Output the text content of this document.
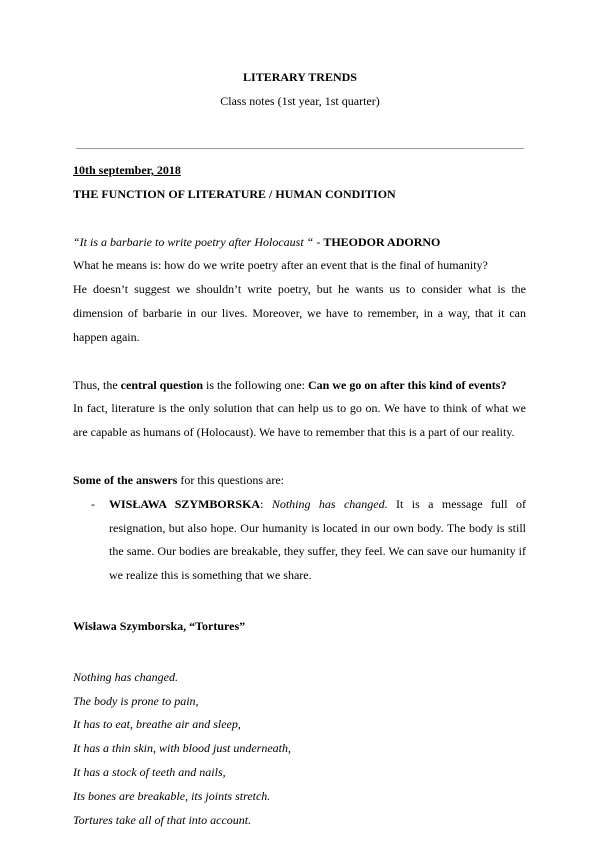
LITERARY TRENDS
Class notes (1st year, 1st quarter)

10th september, 2018

THE FUNCTION OF LITERATURE / HUMAN CONDITION

“It is a barbarie to write poetry after Holocaust “ - THEODOR ADORNO

What he means is: how do we write poetry after an event that is the final of humanity?

He doesn’t suggest we shouldn’t write poetry, but he wants us to consider what is the dimension of barbarie in our lives. Moreover, we have to remember, in a way, that it can happen again.

Thus, the central question is the following one: Can we go on after this kind of events?

In fact, literature is the only solution that can help us to go on. We have to think of what we are capable as humans of (Holocaust). We have to remember that this is a part of our reality.

Some of the answers for this questions are:

-	WISŁAWA SZYMBORSKA: Nothing has changed. It is a message full of resignation, but also hope. Our humanity is located in our own body. The body is still the same. Our bodies are breakable, they suffer, they feel. We can save our humanity if we realize this is something that we share.

Wisława Szymborska, “Tortures”

Nothing has changed.

The body is prone to pain,

It has to eat, breathe air and sleep,

It has a thin skin, with blood just underneath,

It has a stock of teeth and nails,

Its bones are breakable, its joints stretch.

Tortures take all of that into account.
